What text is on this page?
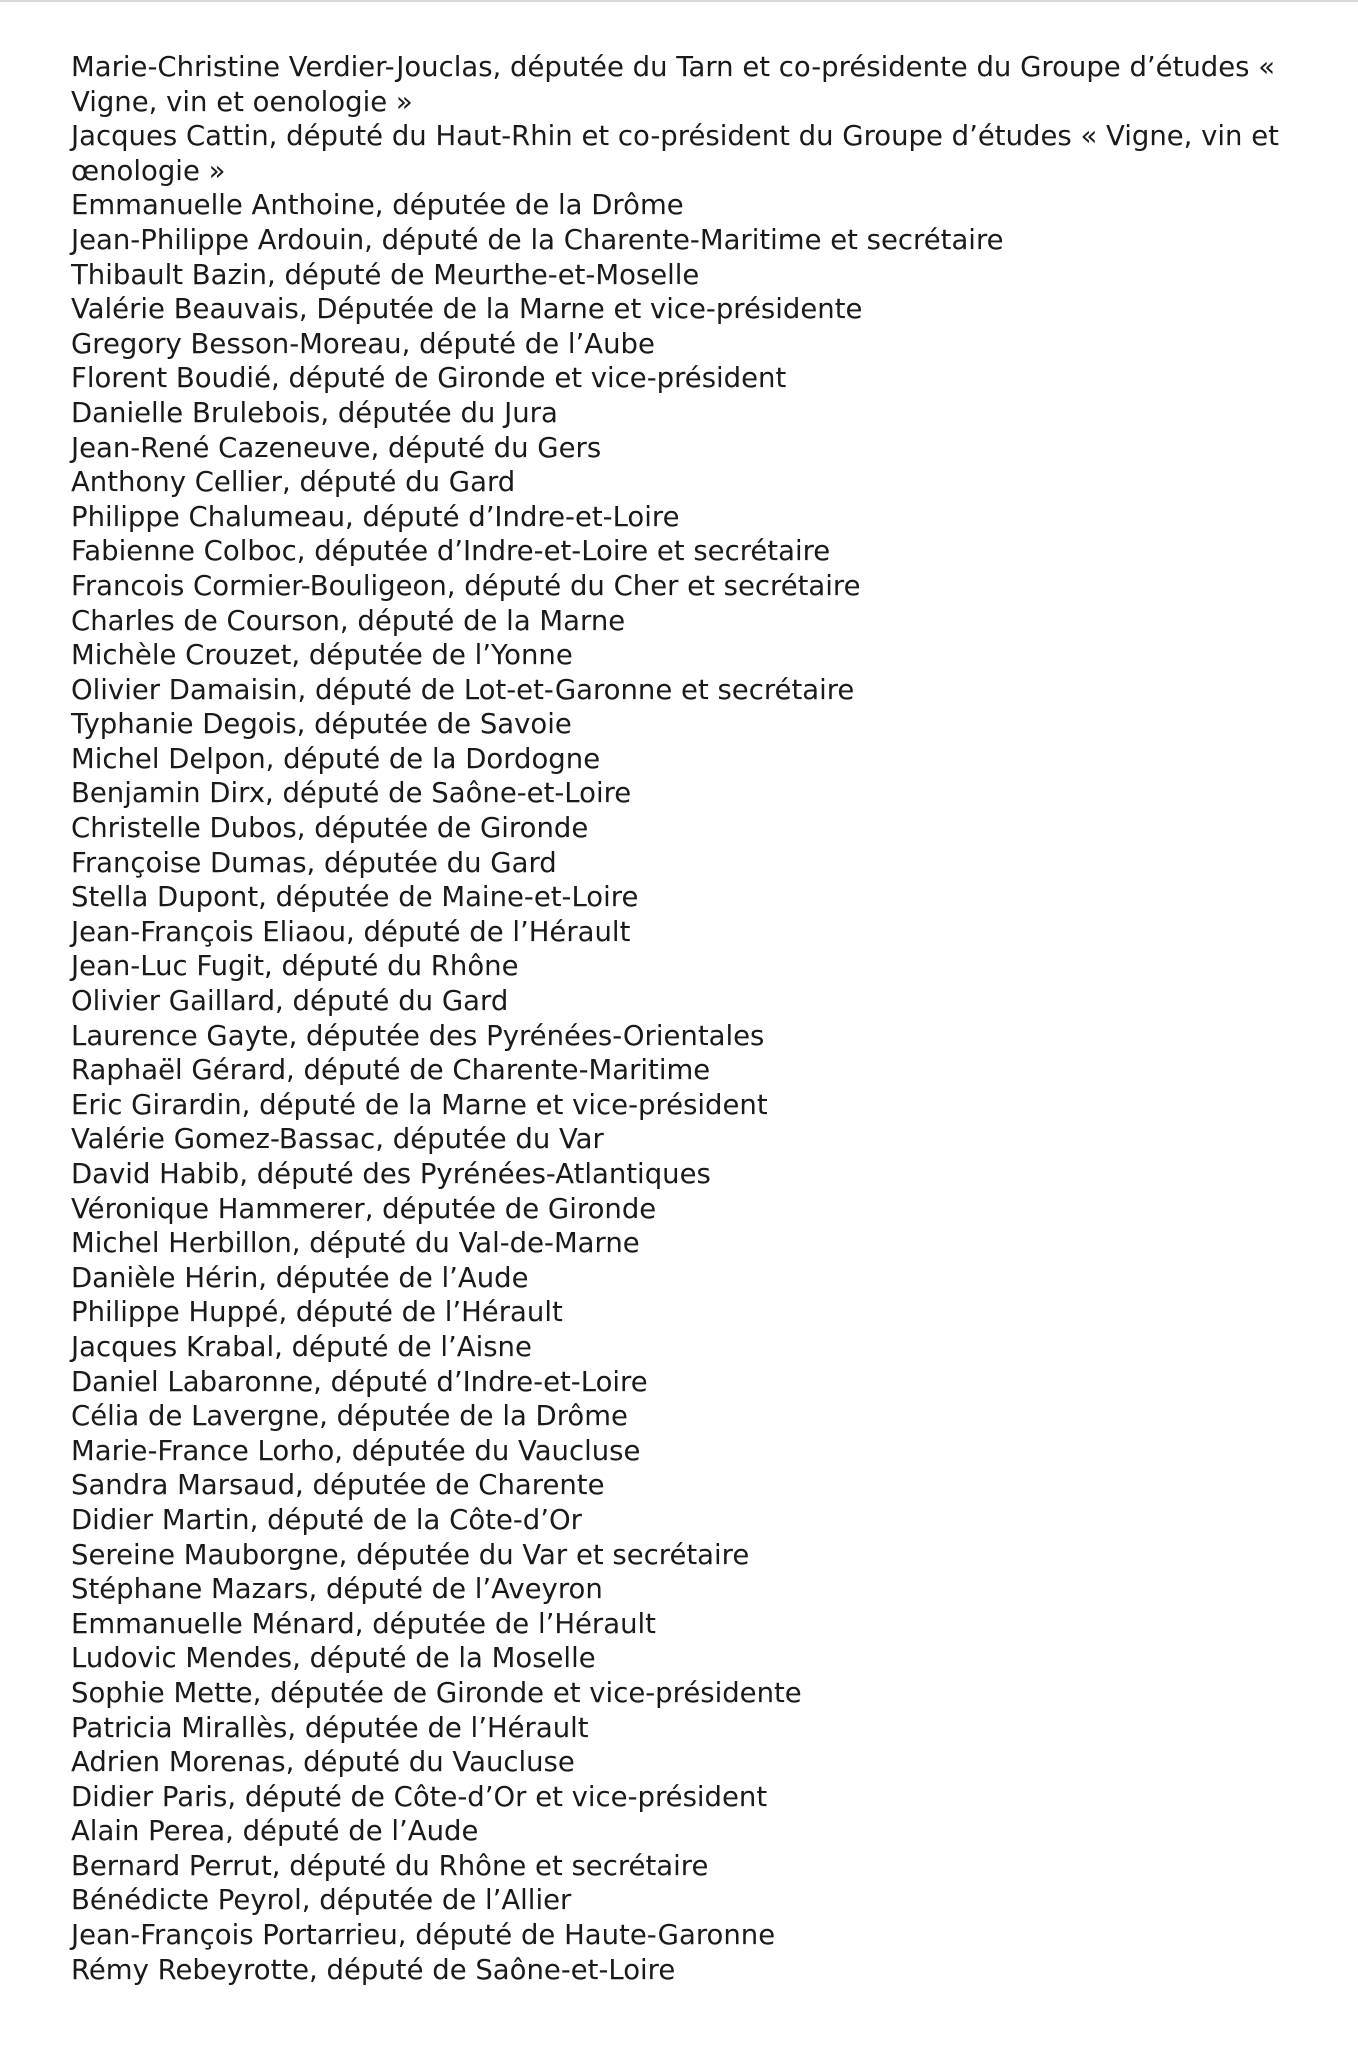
Marie-Christine Verdier-Jouclas, députée du Tarn et co-présidente du Groupe d’études « Vigne, vin et oenologie »

Jacques Cattin, député du Haut-Rhin et co-président du Groupe d’études « Vigne, vin et œnologie »

Emmanuelle Anthoine, députée de la Drôme

Jean-Philippe Ardouin, député de la Charente-Maritime et secrétaire

Thibault Bazin, député de Meurthe-et-Moselle

Valérie Beauvais, Députée de la Marne et vice-présidente

Gregory Besson-Moreau, député de l’Aube

Florent Boudié, député de Gironde et vice-président

Danielle Brulebois, députée du Jura

Jean-René Cazeneuve, député du Gers

Anthony Cellier, député du Gard

Philippe Chalumeau, député d’Indre-et-Loire

Fabienne Colboc, députée d’Indre-et-Loire et secrétaire

Francois Cormier-Bouligeon, député du Cher et secrétaire

Charles de Courson, député de la Marne

Michèle Crouzet, députée de l’Yonne

Olivier Damaisin, député de Lot-et-Garonne et secrétaire

Typhanie Degois, députée de Savoie

Michel Delpon, député de la Dordogne

Benjamin Dirx, député de Saône-et-Loire

Christelle Dubos, députée de Gironde

Françoise Dumas, députée du Gard

Stella Dupont, députée de Maine-et-Loire

Jean-François Eliaou, député de l’Hérault

Jean-Luc Fugit, député du Rhône

Olivier Gaillard, député du Gard

Laurence Gayte, députée des Pyrénées-Orientales

Raphaël Gérard, député de Charente-Maritime

Eric Girardin, député de la Marne et vice-président

Valérie Gomez-Bassac, députée du Var

David Habib, député des Pyrénées-Atlantiques

Véronique Hammerer, députée de Gironde

Michel Herbillon, député du Val-de-Marne

Danièle Hérin, députée de l’Aude

Philippe Huppé, député de l’Hérault

Jacques Krabal, député de l’Aisne

Daniel Labaronne, député d’Indre-et-Loire

Célia de Lavergne, députée de la Drôme

Marie-France Lorho, députée du Vaucluse

Sandra Marsaud, députée de Charente

Didier Martin, député de la Côte-d’Or

Sereine Mauborgne, députée du Var et secrétaire

Stéphane Mazars, député de l’Aveyron

Emmanuelle Ménard, députée de l’Hérault

Ludovic Mendes, député de la Moselle

Sophie Mette, députée de Gironde et vice-présidente

Patricia Mirallès, députée de l’Hérault

Adrien Morenas, député du Vaucluse

Didier Paris, député de Côte-d’Or et vice-président

Alain Perea, député de l’Aude

Bernard Perrut, député du Rhône et secrétaire

Bénédicte Peyrol, députée de l’Allier

Jean-François Portarrieu, député de Haute-Garonne

Rémy Rebeyrotte, député de Saône-et-Loire
